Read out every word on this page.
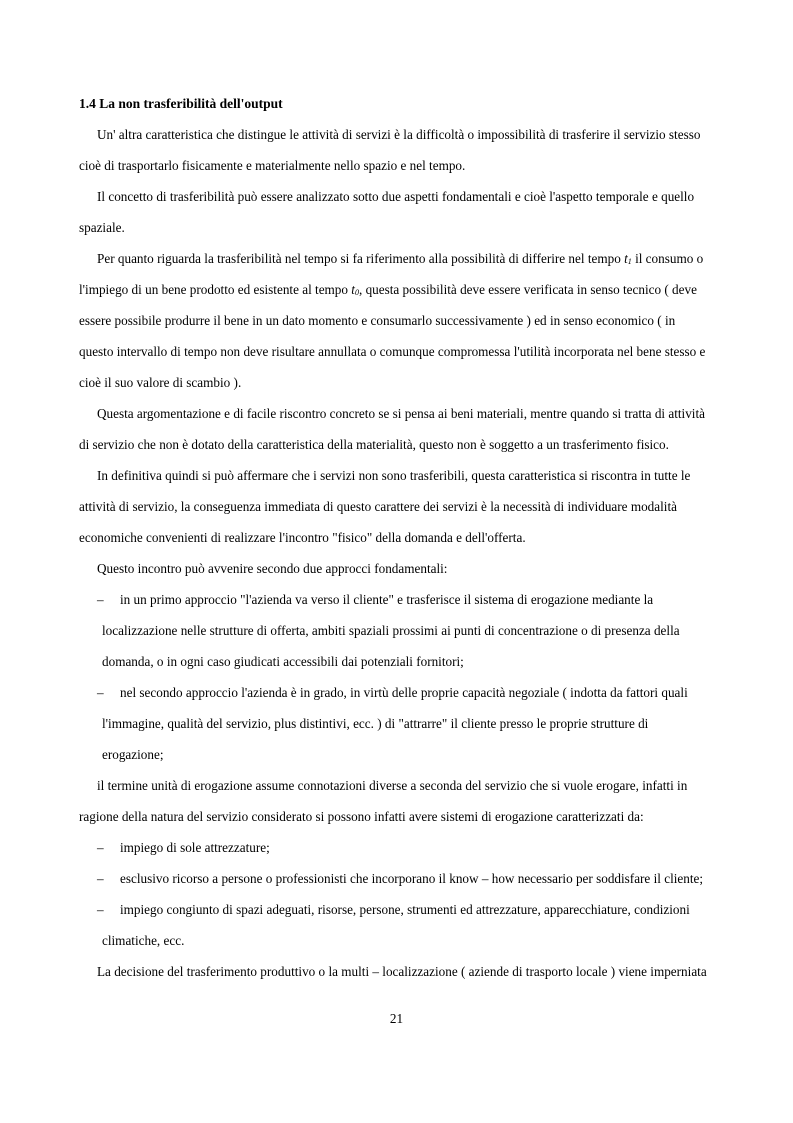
1.4 La non trasferibilità dell'output
Un' altra caratteristica che distingue le attività di servizi è la difficoltà o impossibilità di trasferire il servizio stesso
cioè di trasportarlo fisicamente e materialmente nello spazio e nel tempo.
Il concetto di trasferibilità può essere analizzato sotto due aspetti fondamentali e cioè l'aspetto temporale e quello
spaziale.
Per quanto riguarda la trasferibilità nel tempo si fa riferimento alla possibilità di differire nel tempo t1 il consumo o
l'impiego di un bene prodotto ed esistente al tempo t0, questa possibilità deve essere verificata in senso tecnico ( deve
essere possibile produrre il bene in un dato momento e consumarlo successivamente ) ed in senso economico ( in
questo intervallo di tempo non deve risultare annullata o comunque compromessa l'utilità incorporata nel bene stesso e
cioè il suo valore di scambio ).
Questa argomentazione e di facile riscontro concreto se si pensa ai beni materiali, mentre quando si tratta di attività
di servizio che non è dotato della caratteristica della materialità, questo non è soggetto a un trasferimento fisico.
In definitiva quindi si può affermare che i servizi non sono trasferibili, questa caratteristica si riscontra in tutte le
attività di servizio, la conseguenza immediata di questo carattere dei servizi è la necessità di individuare modalità
economiche convenienti di realizzare l'incontro "fisico" della domanda e dell'offerta.
Questo incontro può avvenire secondo due approcci fondamentali:
– in un primo approccio "l'azienda va verso il cliente" e trasferisce il sistema di erogazione mediante la
localizzazione nelle strutture di offerta, ambiti spaziali prossimi ai punti di concentrazione o di presenza della
domanda, o in ogni caso giudicati accessibili dai potenziali fornitori;
– nel secondo approccio l'azienda è in grado, in virtù delle proprie capacità negoziale ( indotta da fattori quali
l'immagine, qualità del servizio, plus distintivi, ecc. ) di "attrarre" il cliente presso le proprie strutture di
erogazione;
il termine unità di erogazione assume connotazioni diverse a seconda del servizio che si vuole erogare, infatti in
ragione della natura del servizio considerato si possono infatti avere sistemi di erogazione caratterizzati da:
– impiego di sole attrezzature;
– esclusivo ricorso a persone o professionisti che incorporano il know – how necessario per soddisfare il cliente;
– impiego congiunto di spazi adeguati, risorse, persone, strumenti ed attrezzature, apparecchiature, condizioni
climatiche, ecc.
La decisione del trasferimento produttivo o la multi – localizzazione ( aziende di trasporto locale ) viene imperniata
21
